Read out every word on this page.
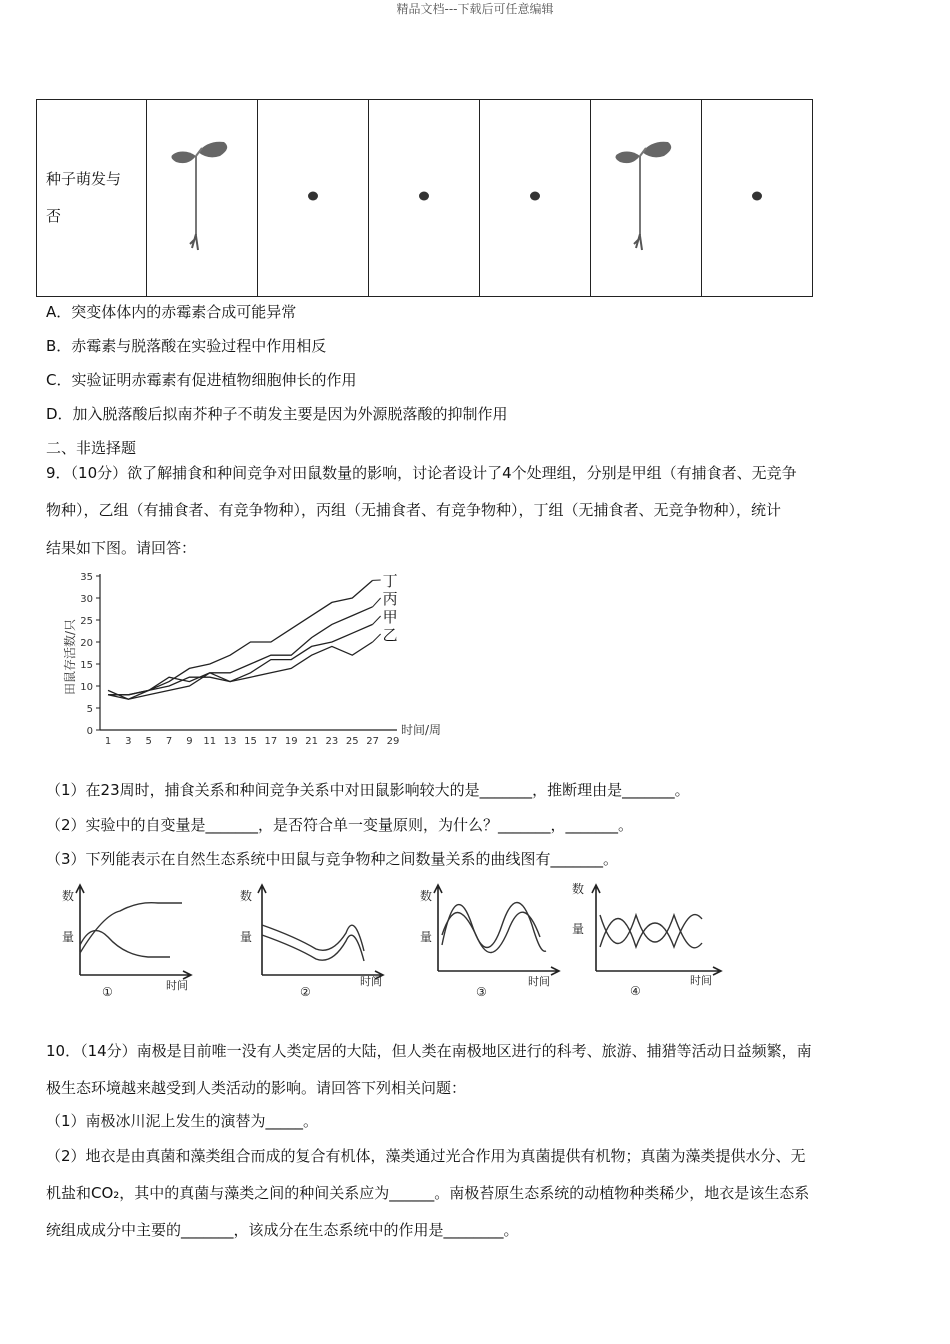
精品文档---下载后可任意编辑
种子萌发与
否

A．突变体体内的赤霉素合成可能异常
B．赤霉素与脱落酸在实验过程中作用相反
C．实验证明赤霉素有促进植物细胞伸长的作用
D．加入脱落酸后拟南芥种子不萌发主要是因为外源脱落酸的抑制作用
二、非选择题
9．（10分）欲了解捕食和种间竞争对田鼠数量的影响，讨论者设计了4个处理组，分别是甲组（有捕食者、无竞争
物种），乙组（有捕食者、有竞争物种），丙组（无捕食者、有竞争物种），丁组（无捕食者、无竞争物种），统计
结果如下图。请回答：
0
5
10
15
20
25
30
35
1 3 5 7 9 11 13 15 17 19 21 23 25 27 29
时间/周
田鼠存活数/只
丁
丙
甲
乙
（1）在23周时，捕食关系和种间竞争关系中对田鼠影响较大的是_______，推断理由是_______。
（2）实验中的自变量是_______，是否符合单一变量原则，为什么？_______，_______。
（3）下列能表示在自然生态系统中田鼠与竞争物种之间数量关系的曲线图有_______。
数
量
时间
①
数
量
时间
②
数
量
时间
③
数
量
时间
④
10．（14分）南极是目前唯一没有人类定居的大陆，但人类在南极地区进行的科考、旅游、捕猎等活动日益频繁，南
极生态环境越来越受到人类活动的影响。请回答下列相关问题：
（1）南极冰川泥上发生的演替为_____。
（2）地衣是由真菌和藻类组合而成的复合有机体，藻类通过光合作用为真菌提供有机物；真菌为藻类提供水分、无
机盐和CO₂，其中的真菌与藻类之间的种间关系应为______。南极苔原生态系统的动植物种类稀少，地衣是该生态系
统组成成分中主要的_______，该成分在生态系统中的作用是________。
